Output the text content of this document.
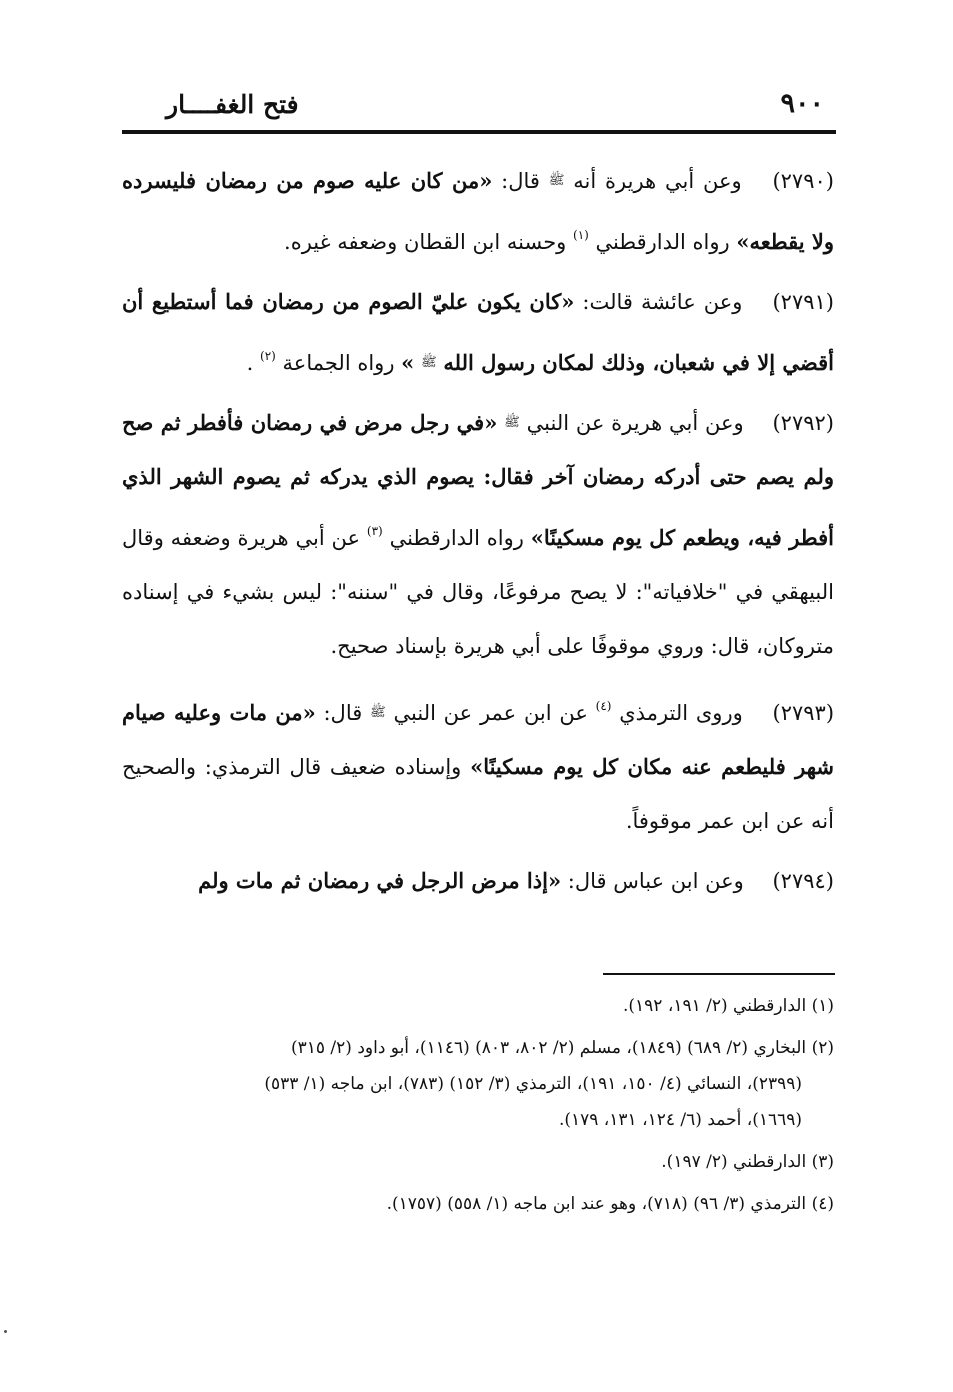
٩٠٠
فتح الغفــــار

(٢٧٩٠) وعن أبي هريرة أنه ﷺ قال: «من كان عليه صوم من رمضان فليسرده ولا يقطعه» رواه الدارقطني $^{(١)}$ وحسنه ابن القطان وضعفه غيره.

(٢٧٩١) وعن عائشة قالت: «كان يكون عليّ الصوم من رمضان فما أستطيع أن أقضي إلا في شعبان، وذلك لمكان رسول الله ﷺ » رواه الجماعة $^{(٢)}$ .

(٢٧٩٢) وعن أبي هريرة عن النبي ﷺ «في رجل مرض في رمضان فأفطر ثم صح ولم يصم حتى أدركه رمضان آخر فقال: يصوم الذي يدركه ثم يصوم الشهر الذي أفطر فيه، ويطعم كل يوم مسكينًا» رواه الدارقطني $^{(٣)}$ عن أبي هريرة وضعفه وقال البيهقي في "خلافياته": لا يصح مرفوعًا، وقال في "سننه": ليس بشيء في إسناده متروكان، قال: وروي موقوفًا على أبي هريرة بإسناد صحيح.

(٢٧٩٣) وروى الترمذي $^{(٤)}$ عن ابن عمر عن النبي ﷺ قال: «من مات وعليه صيام شهر فليطعم عنه مكان كل يوم مسكينًا» وإسناده ضعيف قال الترمذي: والصحيح أنه عن ابن عمر موقوفاً.

(٢٧٩٤) وعن ابن عباس قال: «إذا مرض الرجل في رمضان ثم مات ولم

(١) الدارقطني (٢/ ١٩١، ١٩٢).

(٢) البخاري (٢/ ٦٨٩) (١٨٤٩)، مسلم (٢/ ٨٠٢، ٨٠٣) (١١٤٦)، أبو داود (٢/ ٣١٥)
(٢٣٩٩)، النسائي (٤/ ١٥٠، ١٩١)، الترمذي (٣/ ١٥٢) (٧٨٣)، ابن ماجه (١/ ٥٣٣)
(١٦٦٩)، أحمد (٦/ ١٢٤، ١٣١، ١٧٩).

(٣) الدارقطني (٢/ ١٩٧).

(٤) الترمذي (٣/ ٩٦) (٧١٨)، وهو عند ابن ماجه (١/ ٥٥٨) (١٧٥٧).
